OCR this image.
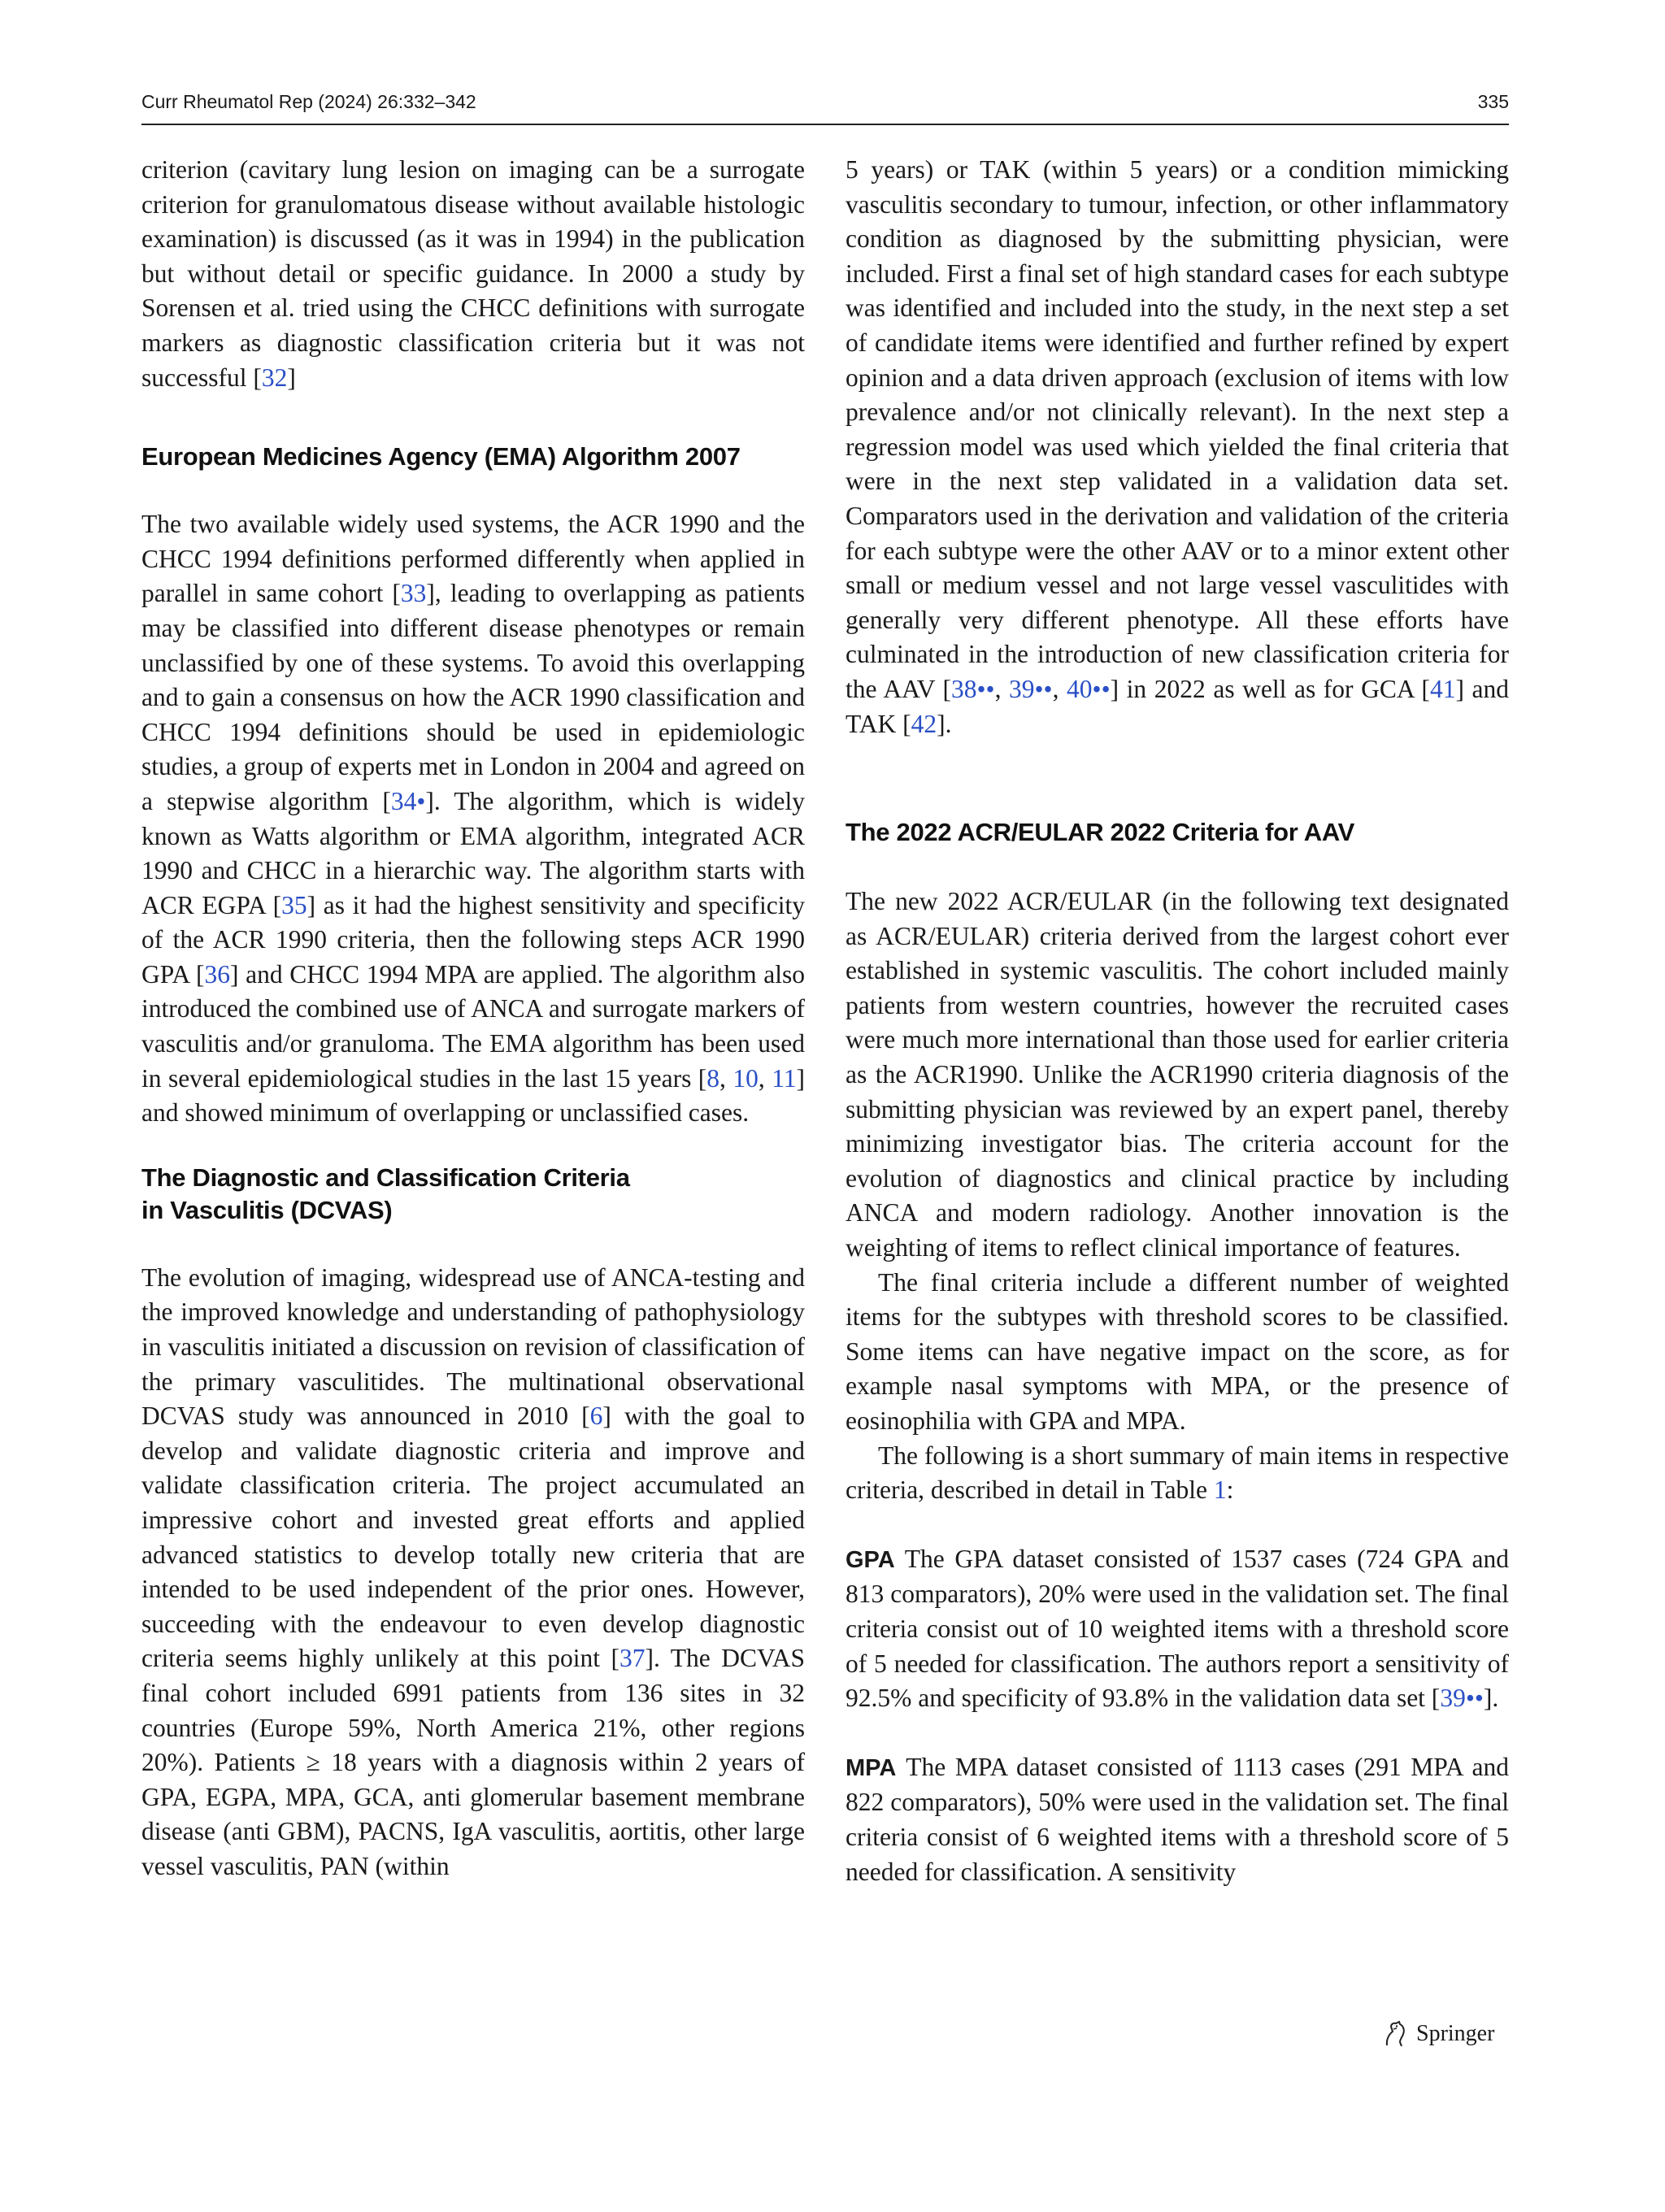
Curr Rheumatol Rep (2024) 26:332–342	335

criterion (cavitary lung lesion on imaging can be a surrogate criterion for granulomatous disease without available histologic examination) is discussed (as it was in 1994) in the publication but without detail or specific guidance. In 2000 a study by Sorensen et al. tried using the CHCC definitions with surrogate markers as diagnostic classification criteria but it was not successful [32]

European Medicines Agency (EMA) Algorithm 2007

The two available widely used systems, the ACR 1990 and the CHCC 1994 definitions performed differently when applied in parallel in same cohort [33], leading to overlapping as patients may be classified into different disease phenotypes or remain unclassified by one of these systems. To avoid this overlapping and to gain a consensus on how the ACR 1990 classification and CHCC 1994 definitions should be used in epidemiologic studies, a group of experts met in London in 2004 and agreed on a stepwise algorithm [34•]. The algorithm, which is widely known as Watts algorithm or EMA algorithm, integrated ACR 1990 and CHCC in a hierarchic way. The algorithm starts with ACR EGPA [35] as it had the highest sensitivity and specificity of the ACR 1990 criteria, then the following steps ACR 1990 GPA [36] and CHCC 1994 MPA are applied. The algorithm also introduced the combined use of ANCA and surrogate markers of vasculitis and/or granuloma. The EMA algorithm has been used in several epidemiological studies in the last 15 years [8, 10, 11] and showed minimum of overlapping or unclassified cases.

The Diagnostic and Classification Criteria
in Vasculitis (DCVAS)

The evolution of imaging, widespread use of ANCA-testing and the improved knowledge and understanding of pathophysiology in vasculitis initiated a discussion on revision of classification of the primary vasculitides. The multinational observational DCVAS study was announced in 2010 [6] with the goal to develop and validate diagnostic criteria and improve and validate classification criteria. The project accumulated an impressive cohort and invested great efforts and applied advanced statistics to develop totally new criteria that are intended to be used independent of the prior ones. However, succeeding with the endeavour to even develop diagnostic criteria seems highly unlikely at this point [37]. The DCVAS final cohort included 6991 patients from 136 sites in 32 countries (Europe 59%, North America 21%, other regions 20%). Patients ≥ 18 years with a diagnosis within 2 years of GPA, EGPA, MPA, GCA, anti glomerular basement membrane disease (anti GBM), PACNS, IgA vasculitis, aortitis, other large vessel vasculitis, PAN (within

5 years) or TAK (within 5 years) or a condition mimicking vasculitis secondary to tumour, infection, or other inflammatory condition as diagnosed by the submitting physician, were included. First a final set of high standard cases for each subtype was identified and included into the study, in the next step a set of candidate items were identified and further refined by expert opinion and a data driven approach (exclusion of items with low prevalence and/or not clinically relevant). In the next step a regression model was used which yielded the final criteria that were in the next step validated in a validation data set. Comparators used in the derivation and validation of the criteria for each subtype were the other AAV or to a minor extent other small or medium vessel and not large vessel vasculitides with generally very different phenotype. All these efforts have culminated in the introduction of new classification criteria for the AAV [38••, 39••, 40••] in 2022 as well as for GCA [41] and TAK [42].

The 2022 ACR/EULAR 2022 Criteria for AAV

The new 2022 ACR/EULAR (in the following text designated as ACR/EULAR) criteria derived from the largest cohort ever established in systemic vasculitis. The cohort included mainly patients from western countries, however the recruited cases were much more international than those used for earlier criteria as the ACR1990. Unlike the ACR1990 criteria diagnosis of the submitting physician was reviewed by an expert panel, thereby minimizing investigator bias. The criteria account for the evolution of diagnostics and clinical practice by including ANCA and modern radiology. Another innovation is the weighting of items to reflect clinical importance of features.

The final criteria include a different number of weighted items for the subtypes with threshold scores to be classified. Some items can have negative impact on the score, as for example nasal symptoms with MPA, or the presence of eosinophilia with GPA and MPA.

The following is a short summary of main items in respective criteria, described in detail in Table 1:

GPA The GPA dataset consisted of 1537 cases (724 GPA and 813 comparators), 20% were used in the validation set. The final criteria consist out of 10 weighted items with a threshold score of 5 needed for classification. The authors report a sensitivity of 92.5% and specificity of 93.8% in the validation data set [39••].

MPA The MPA dataset consisted of 1113 cases (291 MPA and 822 comparators), 50% were used in the validation set. The final criteria consist of 6 weighted items with a threshold score of 5 needed for classification. A sensitivity

Springer
